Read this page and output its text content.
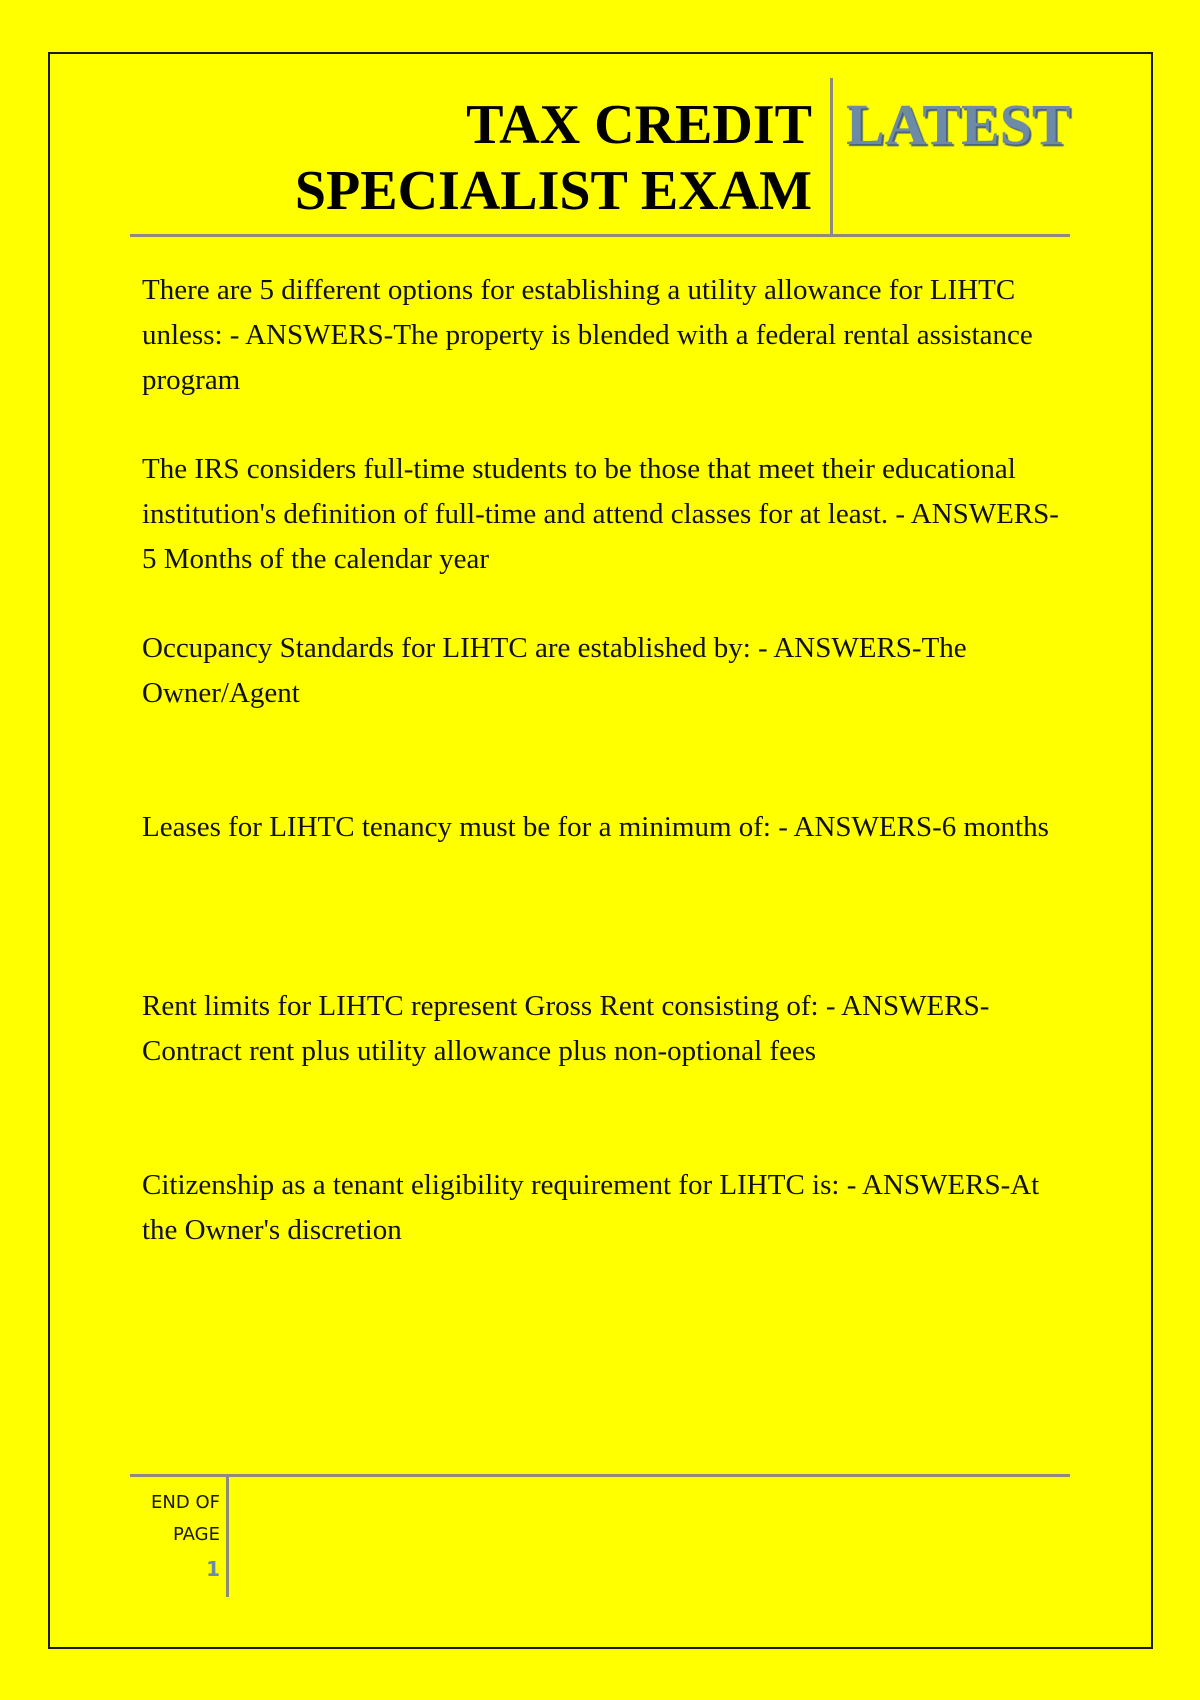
TAX CREDIT
SPECIALIST EXAM
LATEST

There are 5 different options for establishing a utility allowance for LIHTC unless: - ANSWERS-The property is blended with a federal rental assistance program

The IRS considers full-time students to be those that meet their educational institution's definition of full-time and attend classes for at least. - ANSWERS-5 Months of the calendar year

Occupancy Standards for LIHTC are established by: - ANSWERS-The Owner/Agent

Leases for LIHTC tenancy must be for a minimum of: - ANSWERS-6 months

Rent limits for LIHTC represent Gross Rent consisting of: - ANSWERS-Contract rent plus utility allowance plus non-optional fees

Citizenship as a tenant eligibility requirement for LIHTC is: - ANSWERS-At the Owner's discretion

END OF
PAGE
1
